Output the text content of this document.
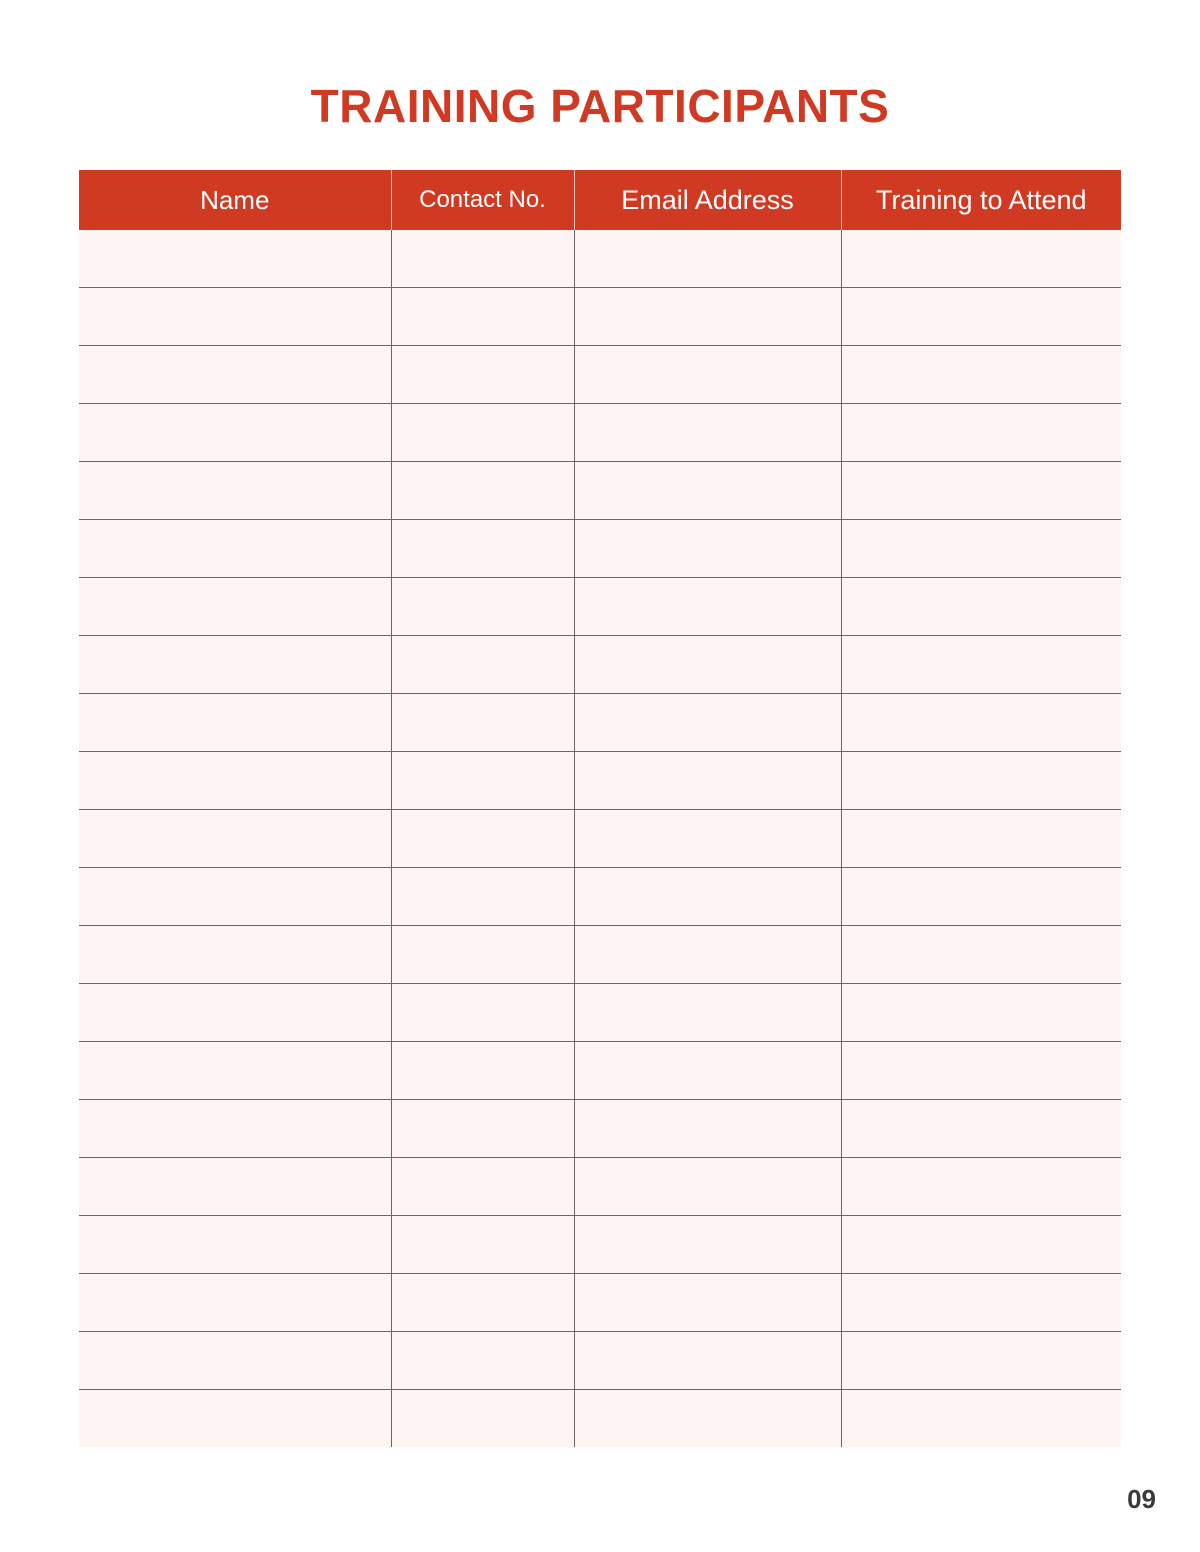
TRAINING PARTICIPANTS
Name	Contact No.	Email Address	Training to Attend

09
